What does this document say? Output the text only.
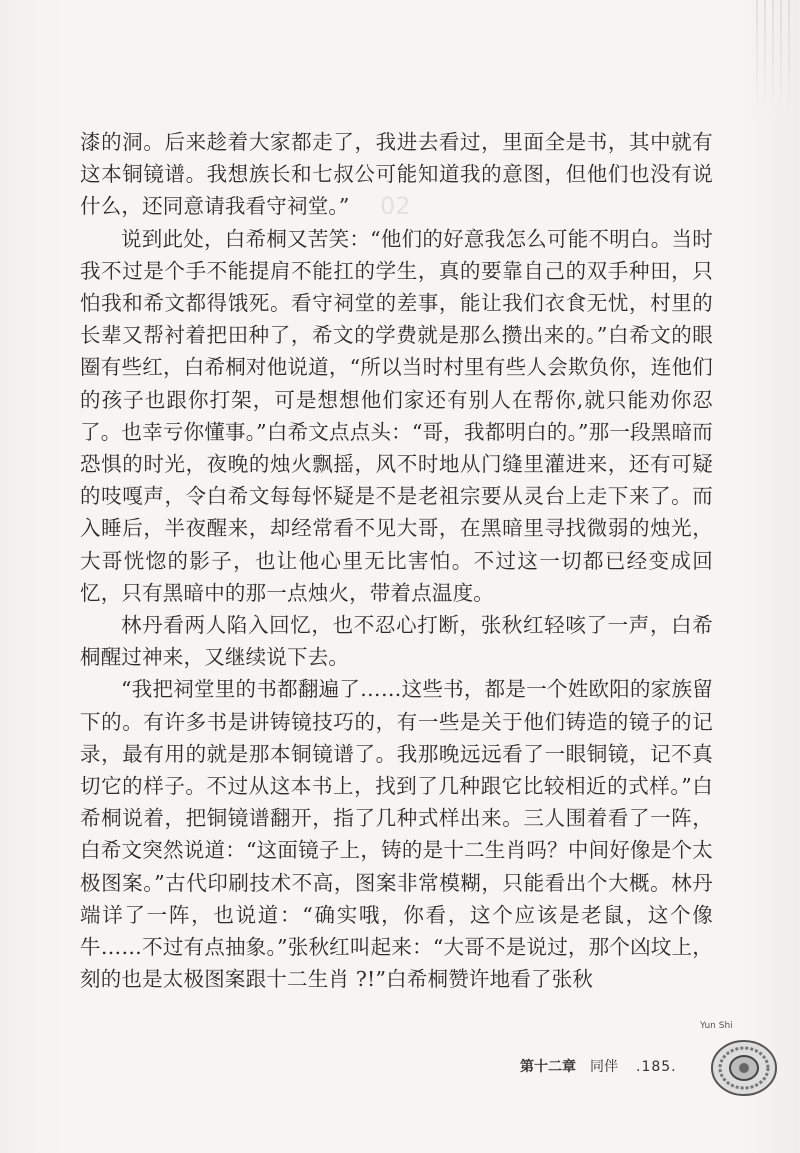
02

漆的洞。后来趁着大家都走了，我进去看过，里面全是书，其中就有这本铜镜谱。我想族长和七叔公可能知道我的意图，但他们也没有说什么，还同意请我看守祠堂。”

说到此处，白希桐又苦笑：“他们的好意我怎么可能不明白。当时我不过是个手不能提肩不能扛的学生，真的要靠自己的双手种田，只怕我和希文都得饿死。看守祠堂的差事，能让我们衣食无忧，村里的长辈又帮衬着把田种了，希文的学费就是那么攒出来的。”白希文的眼圈有些红，白希桐对他说道，“所以当时村里有些人会欺负你，连他们的孩子也跟你打架，可是想想他们家还有别人在帮你,就只能劝你忍了。也幸亏你懂事。”白希文点点头：“哥，我都明白的。”那一段黑暗而恐惧的时光，夜晚的烛火飘摇，风不时地从门缝里灌进来，还有可疑的吱嘎声，令白希文每每怀疑是不是老祖宗要从灵台上走下来了。而入睡后，半夜醒来，却经常看不见大哥，在黑暗里寻找微弱的烛光，大哥恍惚的影子，也让他心里无比害怕。不过这一切都已经变成回忆，只有黑暗中的那一点烛火，带着点温度。

林丹看两人陷入回忆，也不忍心打断，张秋红轻咳了一声，白希桐醒过神来，又继续说下去。

“我把祠堂里的书都翻遍了……这些书，都是一个姓欧阳的家族留下的。有许多书是讲铸镜技巧的，有一些是关于他们铸造的镜子的记录，最有用的就是那本铜镜谱了。我那晚远远看了一眼铜镜，记不真切它的样子。不过从这本书上，找到了几种跟它比较相近的式样。”白希桐说着，把铜镜谱翻开，指了几种式样出来。三人围着看了一阵，白希文突然说道：“这面镜子上，铸的是十二生肖吗？中间好像是个太极图案。”古代印刷技术不高，图案非常模糊，只能看出个大概。林丹端详了一阵，也说道：“确实哦，你看，这个应该是老鼠，这个像牛……不过有点抽象。”张秋红叫起来：“大哥不是说过，那个凶坟上，刻的也是太极图案跟十二生肖 ?!”白希桐赞许地看了张秋

第十二章 同伴 .185.
Yun Shi
